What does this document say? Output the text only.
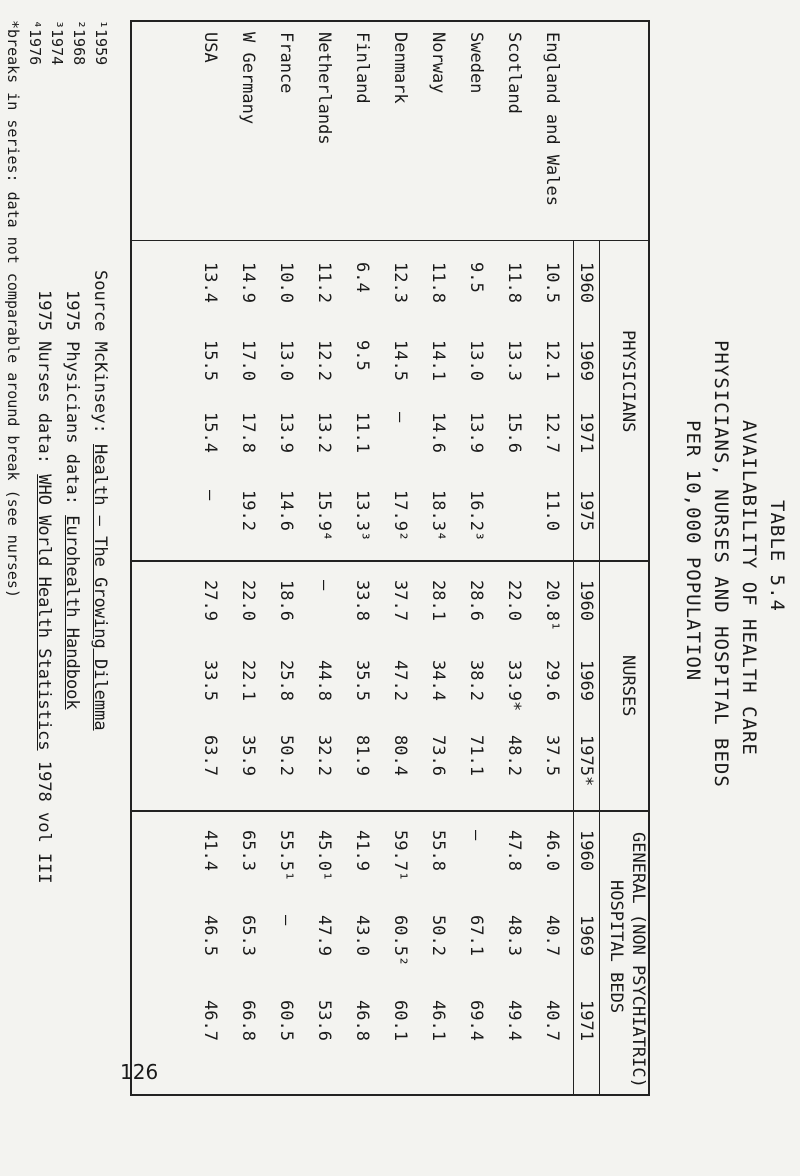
TABLE 5.4
AVAILABILITY OF HEALTH CARE
PHYSICIANS, NURSES AND HOSPITAL BEDS
PER 10,000 POPULATION
PHYSICIANS
NURSES
GENERAL (NON PSYCHIATRIC)
HOSPITAL BEDS
1960
1969
1971
1975
1960
1969
1975*
1960
1969
1971
England and Wales
10.5
12.1
12.7
11.0
20.8¹
29.6
37.5
46.0
40.7
40.7
Scotland
11.8
13.3
15.6
22.0
33.9*
48.2
47.8
48.3
49.4
Sweden
9.5
13.0
13.9
16.2³
28.6
38.2
71.1
—
67.1
69.4
Norway
11.8
14.1
14.6
18.3⁴
28.1
34.4
73.6
55.8
50.2
46.1
Denmark
12.3
14.5
—
17.9²
37.7
47.2
80.4
59.7¹
60.5²
60.1
Finland
6.4
9.5
11.1
13.3³
33.8
35.5
81.9
41.9
43.0
46.8
Netherlands
11.2
12.2
13.2
15.9⁴
—
44.8
32.2
45.0¹
47.9
53.6
France
10.0
13.0
13.9
14.6
18.6
25.8
50.2
55.5¹
—
60.5
W Germany
14.9
17.0
17.8
19.2
22.0
22.1
35.9
65.3
65.3
66.8
USA
13.4
15.5
15.4
—
27.9
33.5
63.7
41.4
46.5
46.7
Source McKinsey: Health — The Growing Dilemma
1975 Physicians data: Eurohealth Handbook
1975 Nurses data: WHO World Health Statistics 1978 vol III
126
¹1959
²1968
³1974
⁴1976
*breaks in series: data not comparable around break (see nurses)
